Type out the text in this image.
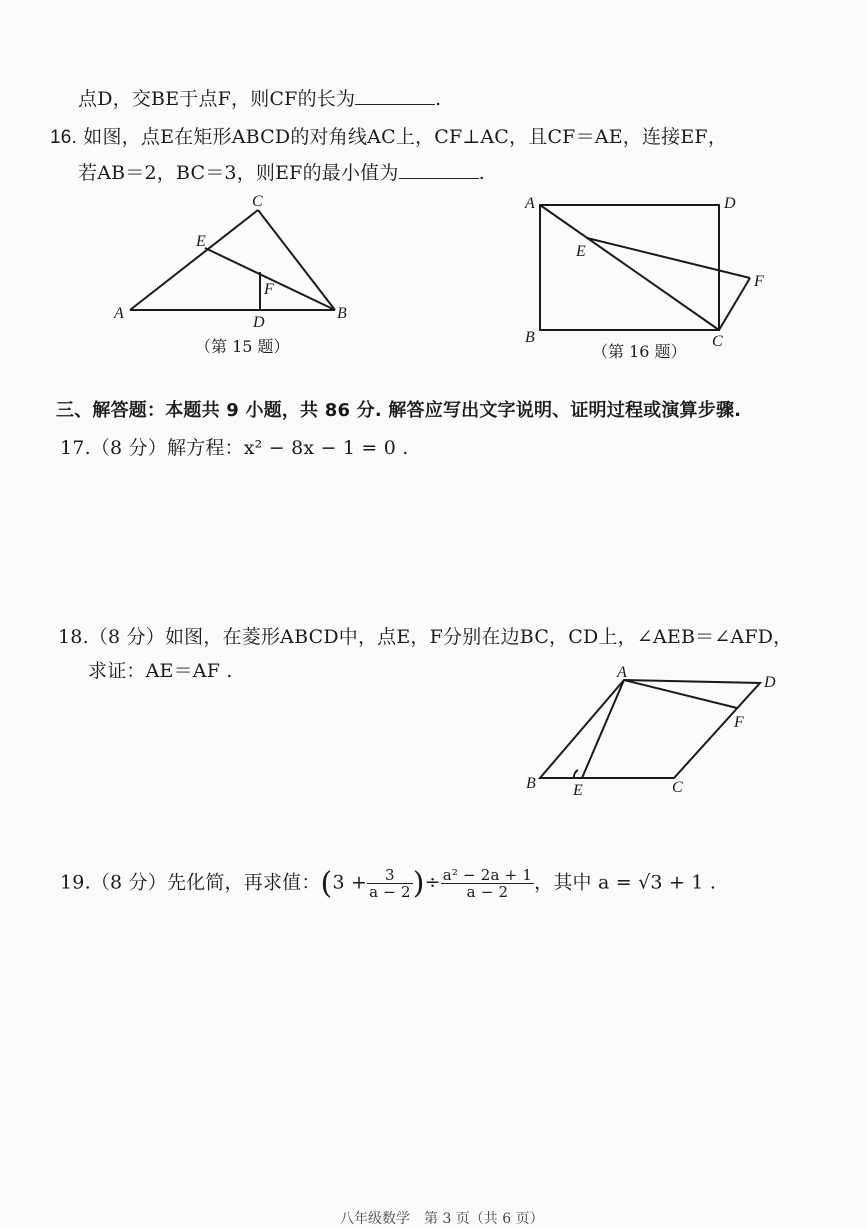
点D，交BE于点F，则CF的长为	.
16. 如图，点E在矩形ABCD的对角线AC上，CF⊥AC，且CF＝AE，连接EF，
若AB＝2，BC＝3，则EF的最小值为	.
A	B
C
D
E
F
（第 15 题）
A	D
B	C
E
F
（第 16 题）
三、解答题：本题共 9 小题，共 86 分. 解答应写出文字说明、证明过程或演算步骤.
17.（8 分）解方程：x² − 8x − 1 = 0 .
18.（8 分）如图，在菱形ABCD中，点E，F分别在边BC，CD上，∠AEB＝∠AFD，
求证：AE＝AF .	A
D
B	C
E
F
19.（8 分）先化简，再求值：($3 + \frac{3}{a - 2}$ )÷ $\frac{\text{a² − 2a + 1}}{a - 2}$ ，其中 a = √3 + 1 .
八年级数学　第 3 页（共 6 页）
